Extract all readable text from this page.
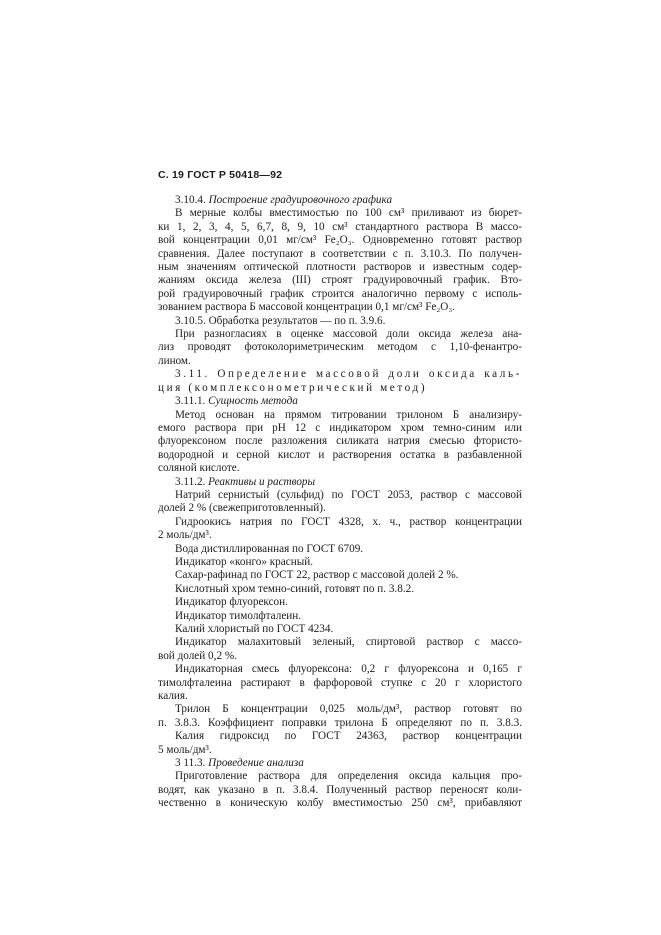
С. 19 ГОСТ Р 50418—92
3.10.4. Построение градуировочного графика
В мерные колбы вместимостью по 100 см³ приливают из бюрет-
ки 1, 2, 3, 4, 5, 6,7, 8, 9, 10 см³ стандартного раствора В массо-
вой концентрации 0,01 мг/см³ Fe₂O₃. Одновременно готовят раствор
сравнения. Далее поступают в соответствии с п. 3.10.3. По получен-
ным значениям оптической плотности растворов и известным содер-
жаниям оксида железа (III) строят градуировочный график. Вто-
рой градуировочный график строится аналогично первому с исполь-
зованием раствора Б массовой концентрации 0,1 мг/см³ Fe₂O₃.
3.10.5. Обработка результатов — по п. 3.9.6.
При разногласиях в оценке массовой доли оксида железа ана-
лиз проводят фотоколориметрическим методом с 1,10-фенантро-
лином.
3.11. Определение массовой доли оксида каль-
ция (комплексонометрический метод)
3.11.1. Сущность метода
Метод основан на прямом титровании трилоном Б анализиру-
емого раствора при pH 12 с индикатором хром темно-синим или
флуорексоном после разложения силиката натрия смесью фтористо-
водородной и серной кислот и растворения остатка в разбавленной
соляной кислоте.
3.11.2. Реактивы и растворы
Натрий сернистый (сульфид) по ГОСТ 2053, раствор с массовой
долей 2 % (свежеприготовленный).
Гидроокись натрия по ГОСТ 4328, х. ч., раствор концентрации
2 моль/дм³.
Вода дистиллированная по ГОСТ 6709.
Индикатор «конго» красный.
Сахар-рафинад по ГОСТ 22, раствор с массовой долей 2 %.
Кислотный хром темно-синий, готовят по п. 3.8.2.
Индикатор флуорексон.
Индикатор тимолфталеин.
Калий хлористый по ГОСТ 4234.
Индикатор малахитовый зеленый, спиртовой раствор с массо-
вой долей 0,2 %.
Индикаторная смесь флуорексона: 0,2 г флуорексона и 0,165 г
тимолфталеина растирают в фарфоровой ступке с 20 г хлористого
калия.
Трилон Б концентрации 0,025 моль/дм³, раствор готовят по
п. 3.8.3. Коэффициент поправки трилона Б определяют по п. 3.8.3.
Калия гидроксид по ГОСТ 24363, раствор концентрации
5 моль/дм³.
3 11.3. Проведение анализа
Приготовление раствора для определения оксида кальция про-
водят, как указано в п. 3.8.4. Полученный раствор переносят коли-
чественно в коническую колбу вместимостью 250 см³, прибавляют
